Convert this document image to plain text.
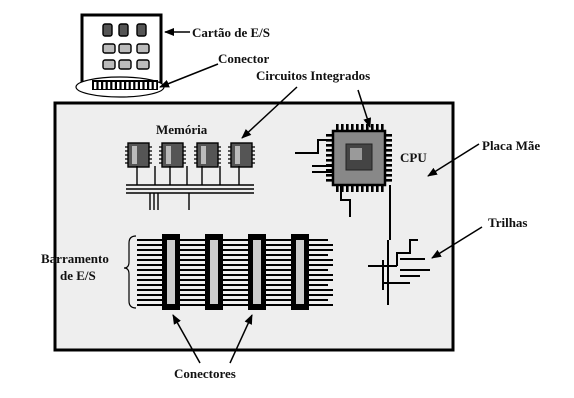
Cartão de E/S
Conector
Circuitos Integrados
Memória
CPU
Placa Mãe
Trilhas
Barramento
de E/S
Conectores
